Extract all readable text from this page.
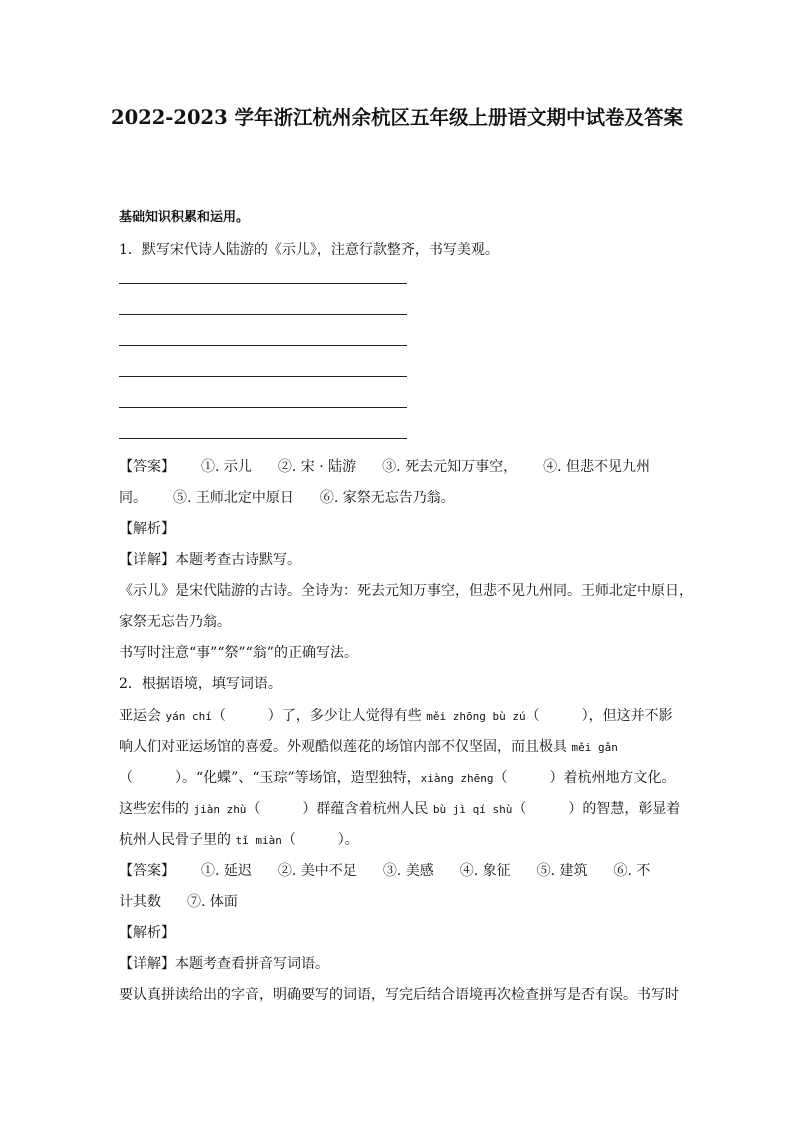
2022-2023 学年浙江杭州余杭区五年级上册语文期中试卷及答案
基础知识积累和运用。
1．默写宋代诗人陆游的《示儿》，注意行款整齐，书写美观。
【答案】 ①. 示儿 ②. 宋 · 陆游 ③. 死去元知万事空， ④. 但悲不见九州
同。 ⑤. 王师北定中原日 ⑥. 家祭无忘告乃翁。
【解析】
【详解】本题考查古诗默写。
《示儿》是宋代陆游的古诗。全诗为：死去元知万事空，但悲不见九州同。王师北定中原日，
家祭无忘告乃翁。
书写时注意“事”“祭”“翁”的正确写法。
2．根据语境，填写词语。
亚运会 yán chí（　　　）了，多少让人觉得有些 měi zhōng bù zú（　　　），但这并不影
响人们对亚运场馆的喜爱。外观酷似莲花的场馆内部不仅坚固，而且极具 měi gǎn
（　　　）。“化蝶”、“玉琮”等场馆，造型独特，xiàng zhēng（　　　）着杭州地方文化。
这些宏伟的 jiàn zhù（　　　）群蕴含着杭州人民 bù jì qí shù（　　　）的智慧，彰显着
杭州人民骨子里的 tǐ miàn（　　　）。
【答案】 ①. 延迟 ②. 美中不足 ③. 美感 ④. 象征 ⑤. 建筑 ⑥. 不
计其数 ⑦. 体面
【解析】
【详解】本题考查看拼音写词语。
要认真拼读给出的字音，明确要写的词语，写完后结合语境再次检查拼写是否有误。书写时
